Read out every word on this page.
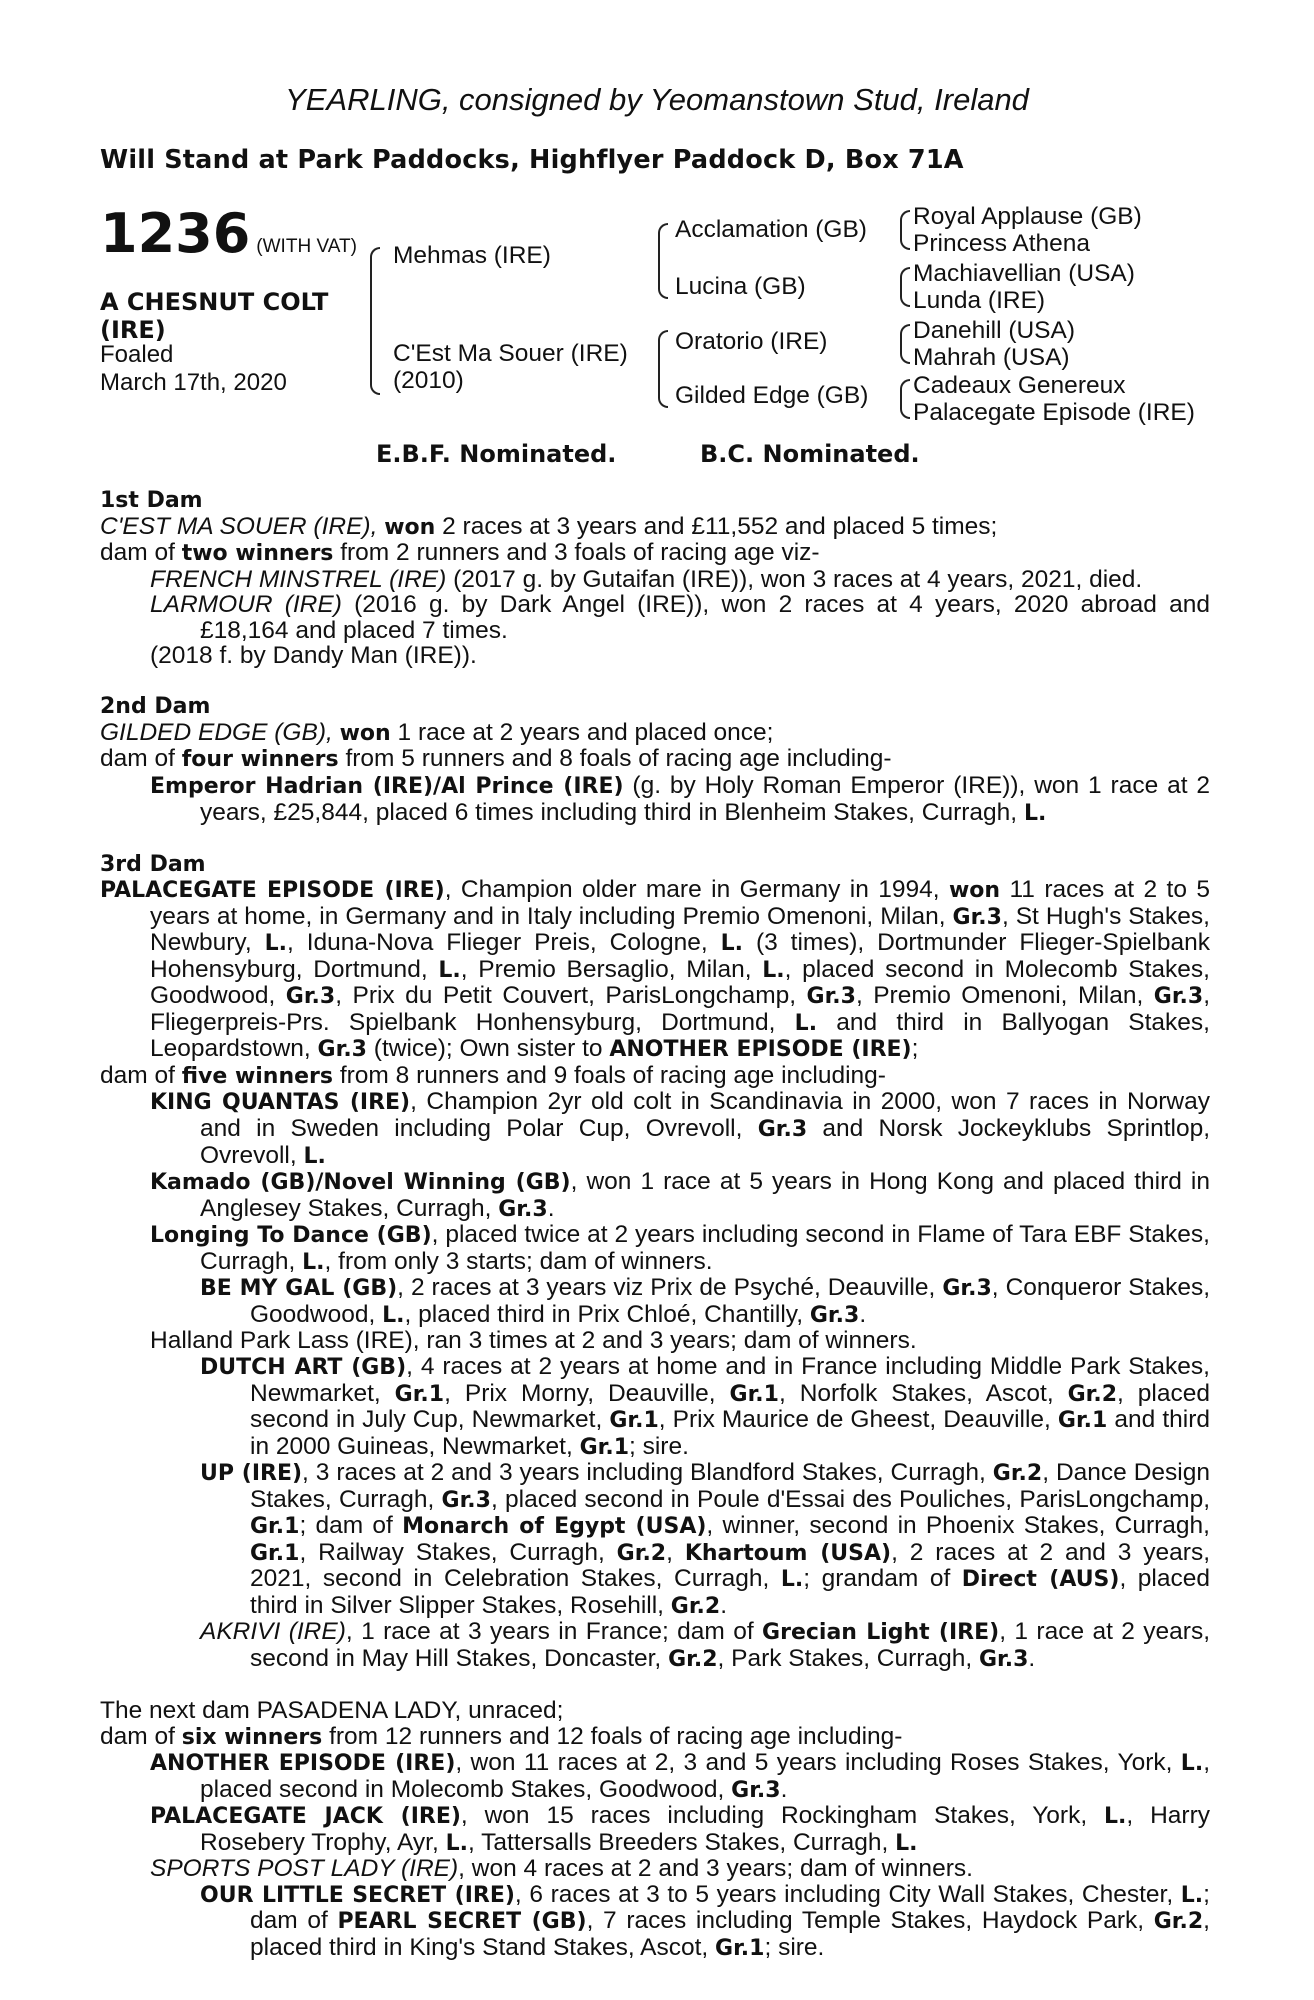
YEARLING, consigned by Yeomanstown Stud, Ireland
Will Stand at Park Paddocks, Highflyer Paddock D, Box 71A
1236 (WITH VAT)
A CHESNUT COLT (IRE)
Foaled
March 17th, 2020
Mehmas (IRE)
C'Est Ma Souer (IRE)
(2010)
Acclamation (GB)
Lucina (GB)
Oratorio (IRE)
Gilded Edge (GB)
Royal Applause (GB)
Princess Athena
Machiavellian (USA)
Lunda (IRE)
Danehill (USA)
Mahrah (USA)
Cadeaux Genereux
Palacegate Episode (IRE)
E.B.F. Nominated.	B.C. Nominated.

1st Dam

C'EST MA SOUER (IRE), won 2 races at 3 years and £11,552 and placed 5 times;

dam of two winners from 2 runners and 3 foals of racing age viz-

FRENCH MINSTREL (IRE) (2017 g. by Gutaifan (IRE)), won 3 races at 4 years, 2021, died.

LARMOUR (IRE) (2016 g. by Dark Angel (IRE)), won 2 races at 4 years, 2020 abroad and £18,164 and placed 7 times.

(2018 f. by Dandy Man (IRE)).

2nd Dam

GILDED EDGE (GB), won 1 race at 2 years and placed once;

dam of four winners from 5 runners and 8 foals of racing age including-

Emperor Hadrian (IRE)/Al Prince (IRE) (g. by Holy Roman Emperor (IRE)), won 1 race at 2 years, £25,844, placed 6 times including third in Blenheim Stakes, Curragh, L.

3rd Dam

PALACEGATE EPISODE (IRE), Champion older mare in Germany in 1994, won 11 races at 2 to 5 years at home, in Germany and in Italy including Premio Omenoni, Milan, Gr.3, St Hugh's Stakes, Newbury, L., Iduna-Nova Flieger Preis, Cologne, L. (3 times), Dortmunder Flieger-Spielbank Hohensyburg, Dortmund, L., Premio Bersaglio, Milan, L., placed second in Molecomb Stakes, Goodwood, Gr.3, Prix du Petit Couvert, ParisLongchamp, Gr.3, Premio Omenoni, Milan, Gr.3, Fliegerpreis-Prs. Spielbank Honhensyburg, Dortmund, L. and third in Ballyogan Stakes, Leopardstown, Gr.3 (twice); Own sister to ANOTHER EPISODE (IRE);

dam of five winners from 8 runners and 9 foals of racing age including-

KING QUANTAS (IRE), Champion 2yr old colt in Scandinavia in 2000, won 7 races in Norway and in Sweden including Polar Cup, Ovrevoll, Gr.3 and Norsk Jockeyklubs Sprintlop, Ovrevoll, L.

Kamado (GB)/Novel Winning (GB), won 1 race at 5 years in Hong Kong and placed third in Anglesey Stakes, Curragh, Gr.3.

Longing To Dance (GB), placed twice at 2 years including second in Flame of Tara EBF Stakes, Curragh, L., from only 3 starts; dam of winners.

BE MY GAL (GB), 2 races at 3 years viz Prix de Psyché, Deauville, Gr.3, Conqueror Stakes, Goodwood, L., placed third in Prix Chloé, Chantilly, Gr.3.

Halland Park Lass (IRE), ran 3 times at 2 and 3 years; dam of winners.

DUTCH ART (GB), 4 races at 2 years at home and in France including Middle Park Stakes, Newmarket, Gr.1, Prix Morny, Deauville, Gr.1, Norfolk Stakes, Ascot, Gr.2, placed second in July Cup, Newmarket, Gr.1, Prix Maurice de Gheest, Deauville, Gr.1 and third in 2000 Guineas, Newmarket, Gr.1; sire.

UP (IRE), 3 races at 2 and 3 years including Blandford Stakes, Curragh, Gr.2, Dance Design Stakes, Curragh, Gr.3, placed second in Poule d'Essai des Pouliches, ParisLongchamp, Gr.1; dam of Monarch of Egypt (USA), winner, second in Phoenix Stakes, Curragh, Gr.1, Railway Stakes, Curragh, Gr.2, Khartoum (USA), 2 races at 2 and 3 years, 2021, second in Celebration Stakes, Curragh, L.; grandam of Direct (AUS), placed third in Silver Slipper Stakes, Rosehill, Gr.2.

AKRIVI (IRE), 1 race at 3 years in France; dam of Grecian Light (IRE), 1 race at 2 years, second in May Hill Stakes, Doncaster, Gr.2, Park Stakes, Curragh, Gr.3.

The next dam PASADENA LADY, unraced;

dam of six winners from 12 runners and 12 foals of racing age including-

ANOTHER EPISODE (IRE), won 11 races at 2, 3 and 5 years including Roses Stakes, York, L., placed second in Molecomb Stakes, Goodwood, Gr.3.

PALACEGATE JACK (IRE), won 15 races including Rockingham Stakes, York, L., Harry Rosebery Trophy, Ayr, L., Tattersalls Breeders Stakes, Curragh, L.

SPORTS POST LADY (IRE), won 4 races at 2 and 3 years; dam of winners.

OUR LITTLE SECRET (IRE), 6 races at 3 to 5 years including City Wall Stakes, Chester, L.; dam of PEARL SECRET (GB), 7 races including Temple Stakes, Haydock Park, Gr.2, placed third in King's Stand Stakes, Ascot, Gr.1; sire.
